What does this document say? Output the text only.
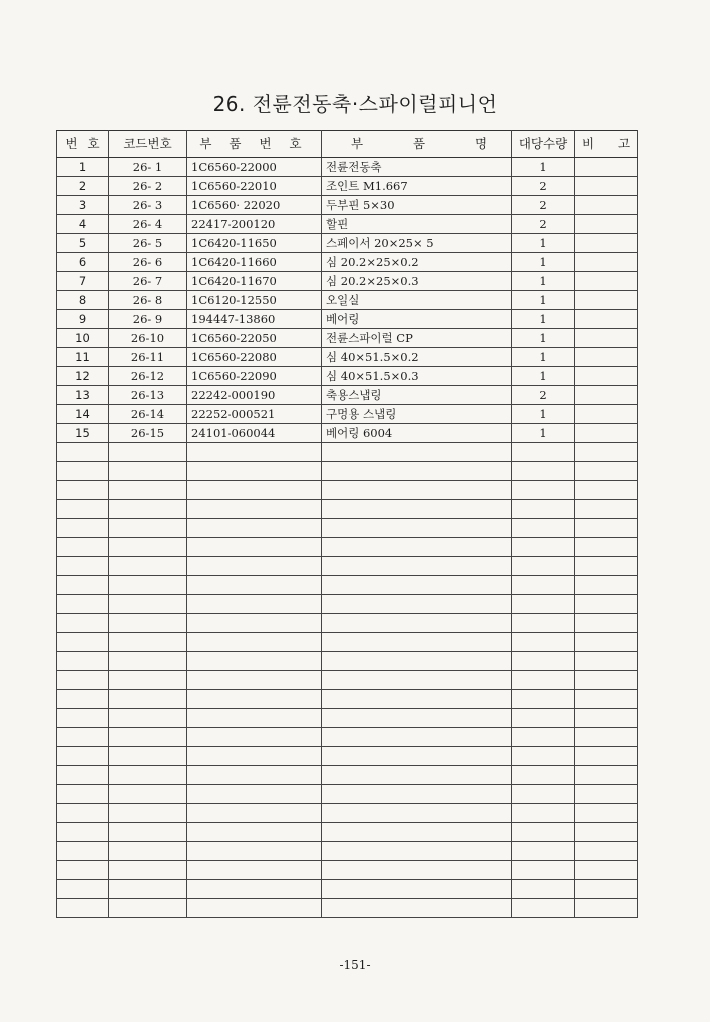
26. 전륜전동축·스파이럴피니언
번 호	코드번호	부 품 번 호	부 품 명	대당수량	비 고
1	26- 1	1C6560-22000	전륜전동축	1	
2	26- 2	1C6560-22010	조인트 M1.667	2	
3	26- 3	1C6560· 22020	두부핀 5×30	2	
4	26- 4	22417-200120	할핀	2	
5	26- 5	1C6420-11650	스페이서 20×25× 5	1	
6	26- 6	1C6420-11660	심 20.2×25×0.2	1	
7	26- 7	1C6420-11670	심 20.2×25×0.3	1	
8	26- 8	1C6120-12550	오일실	1	
9	26- 9	194447-13860	베어링	1	
10	26-10	1C6560-22050	전륜스파이럴 CP	1	
11	26-11	1C6560-22080	심 40×51.5×0.2	1	
12	26-12	1C6560-22090	심 40×51.5×0.3	1	
13	26-13	22242-000190	축용스냅링	2	
14	26-14	22252-000521	구멍용 스냅링	1	
15	26-15	24101-060044	베어링 6004	1	

-151-
